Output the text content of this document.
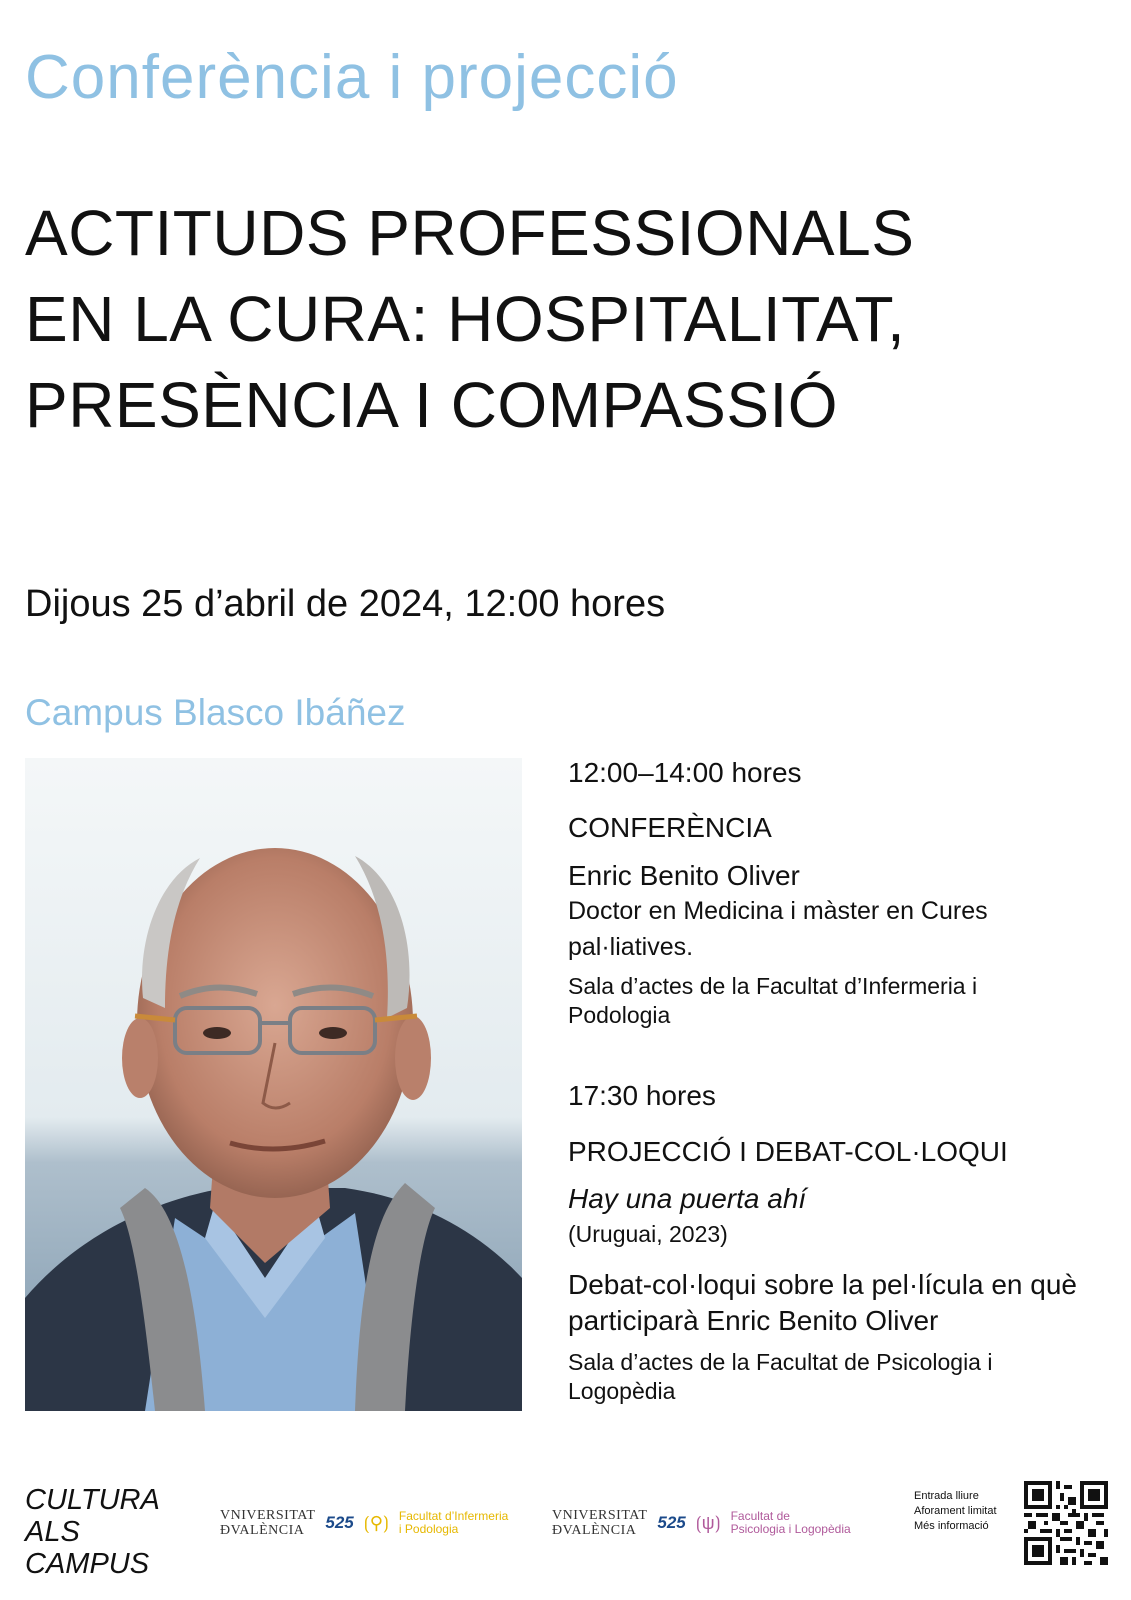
Conferència i projecció
ACTITUDS PROFESSIONALS
EN LA CURA: HOSPITALITAT,
PRESÈNCIA I COMPASSIÓ
Dijous 25 d’abril de 2024, 12:00 hores
Campus Blasco Ibáñez
12:00–14:00 hores
CONFERÈNCIA
Enric Benito Oliver
Doctor en Medicina i màster en Cures pal·liatives.
Sala d’actes de la Facultat d’Infermeria i Podologia
17:30 hores
PROJECCIÓ I DEBAT-COL·LOQUI
Hay una puerta ahí
(Uruguai, 2023)
Debat-col·loqui sobre la pel·lícula en què participarà Enric Benito Oliver
Sala d’actes de la Facultat de Psicologia i Logopèdia
CULTURA
ALS
CAMPUS
VNIVERSITAT
ÐVALÈNCIA	525 ⟮⚲⟯ Facultat d’Infermeria
i Podologia
VNIVERSITAT
ÐVALÈNCIA	525 ⟮ψ⟯ Facultat de
Psicologia i Logopèdia
Entrada lliure
Aforament limitat
Més informació
